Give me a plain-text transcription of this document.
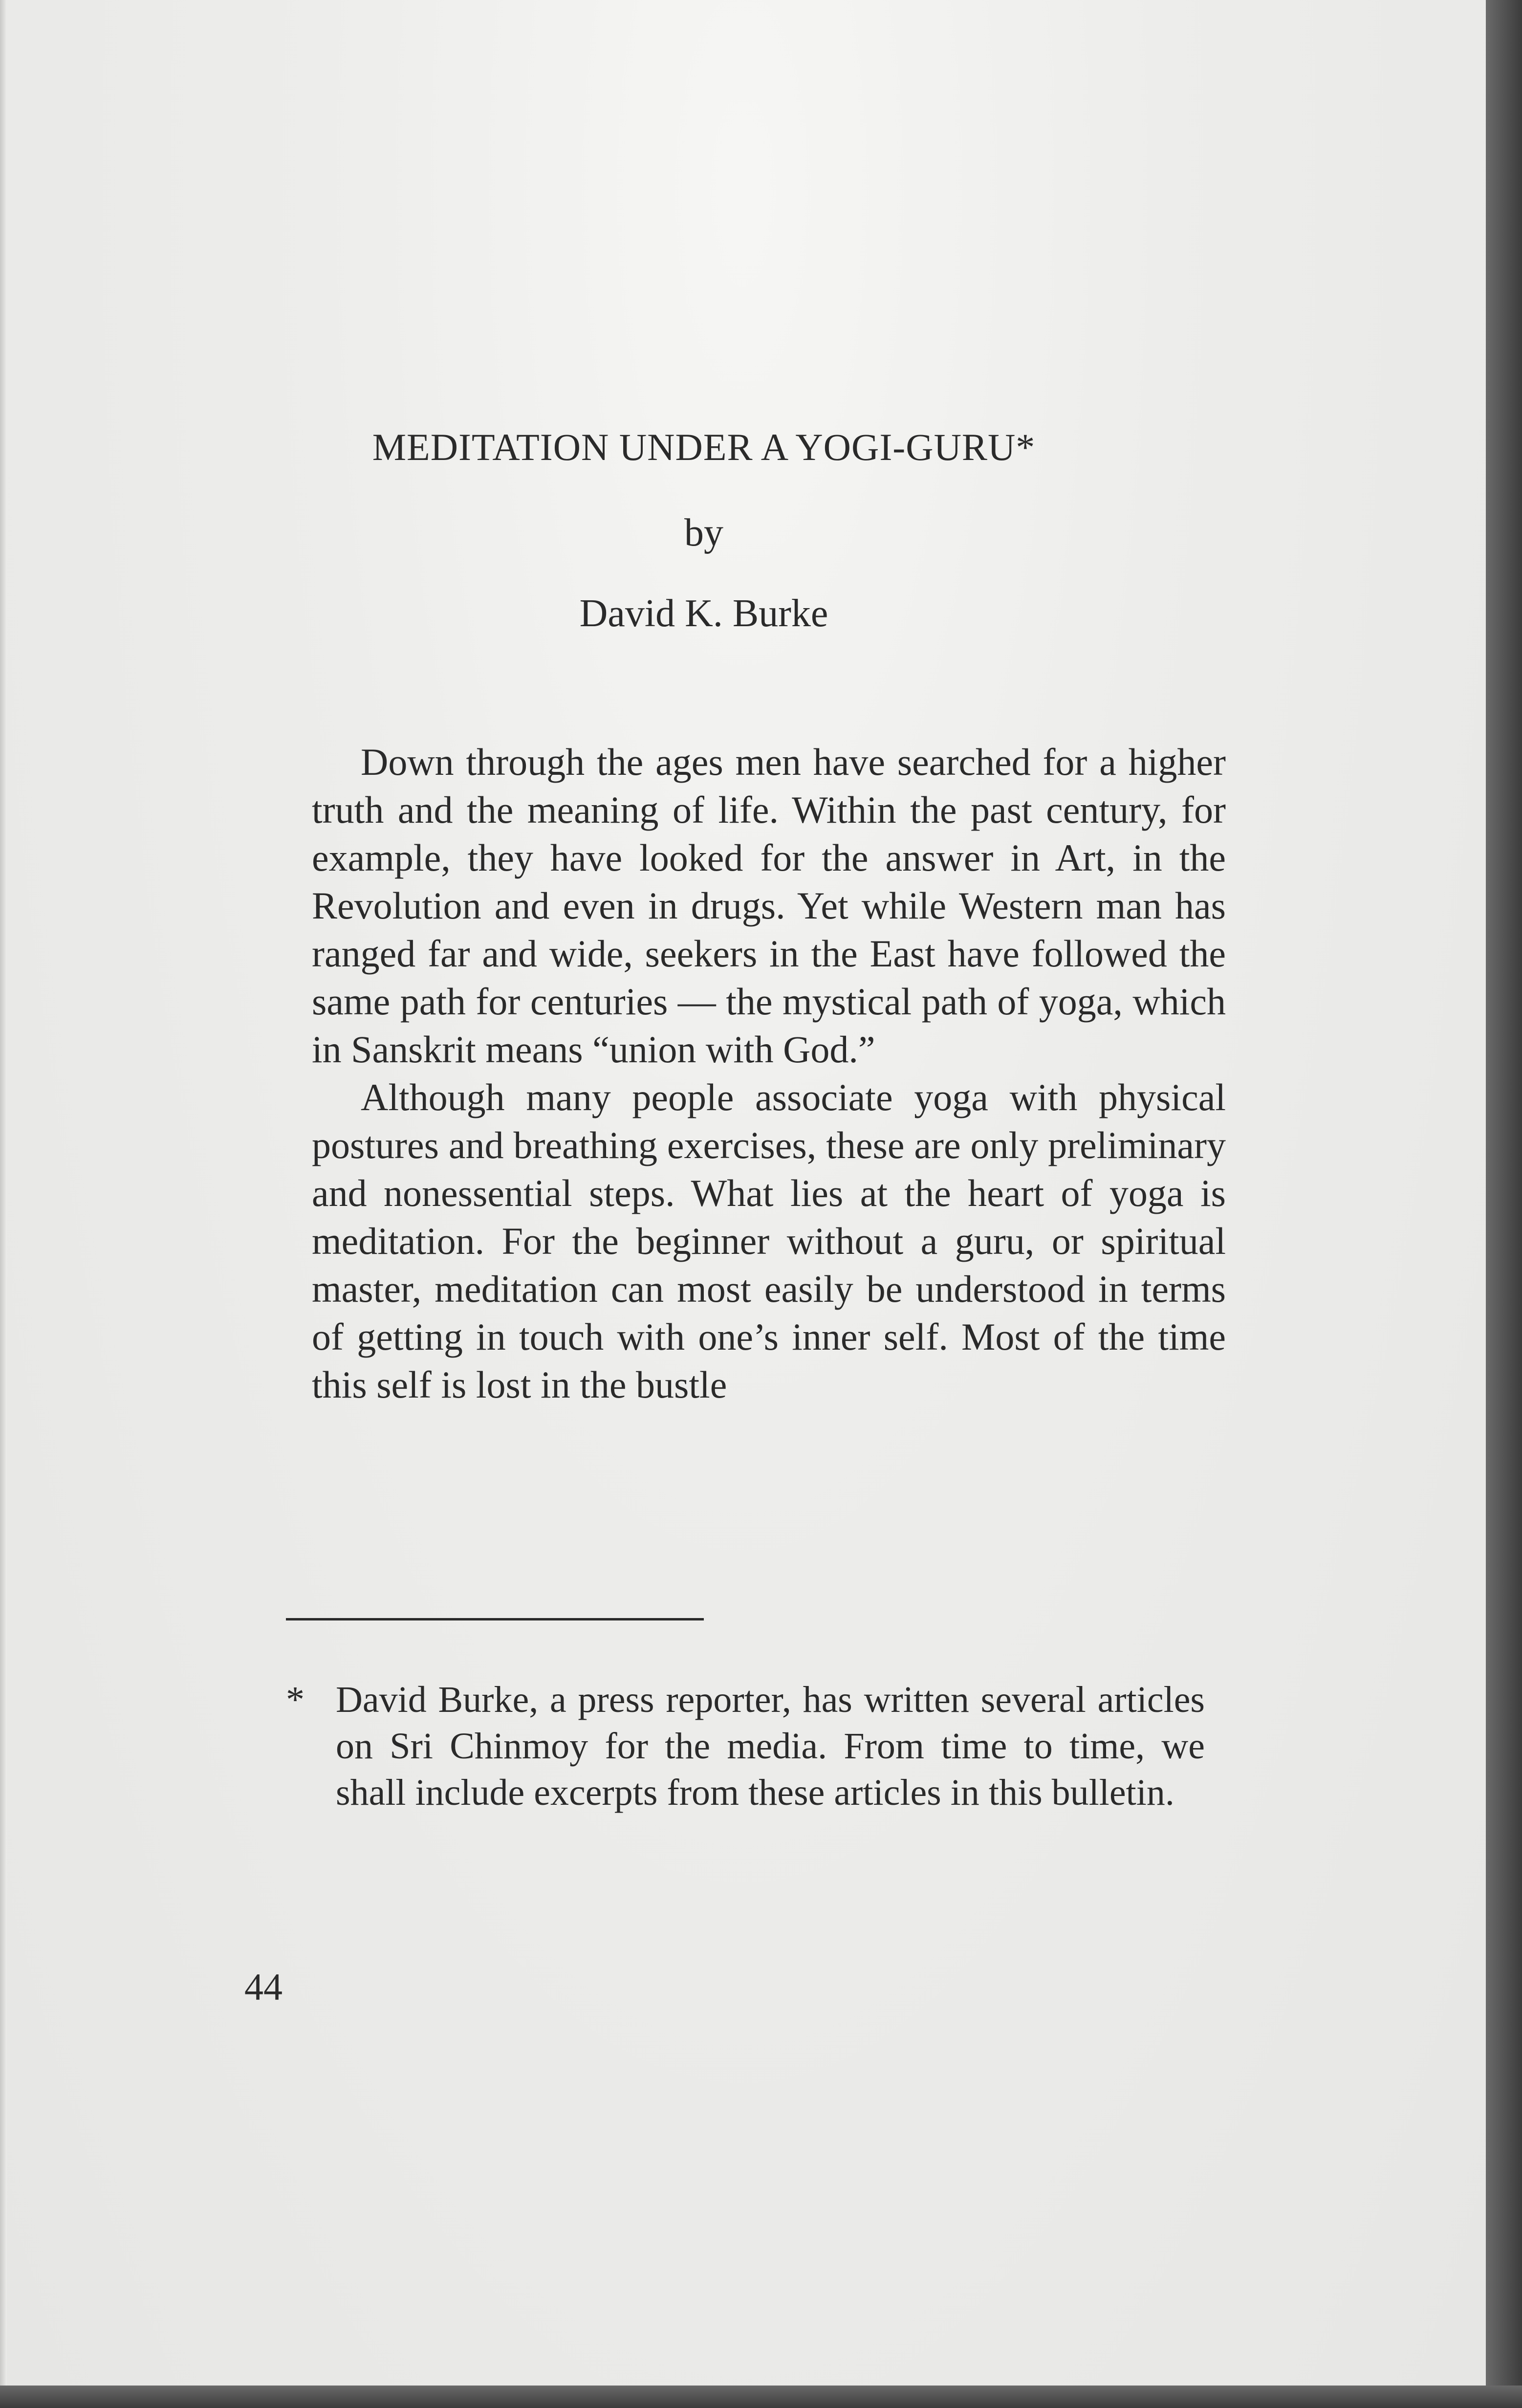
MEDITATION UNDER A YOGI-GURU*
by
David K. Burke

Down through the ages men have searched for a higher truth and the meaning of life. Within the past century, for example, they have looked for the answer in Art, in the Revolution and even in drugs. Yet while Western man has ranged far and wide, seekers in the East have followed the same path for centuries — the mystical path of yoga, which in Sanskrit means “union with God.”

Although many people associate yoga with physical postures and breathing exercises, these are only preliminary and nonessential steps. What lies at the heart of yoga is meditation. For the beginner without a guru, or spiritual master, meditation can most easily be understood in terms of getting in touch with one’s inner self. Most of the time this self is lost in the bustle

* David Burke, a press reporter, has written several articles on Sri Chinmoy for the media. From time to time, we shall include excerpts from these articles in this bulletin.
44
